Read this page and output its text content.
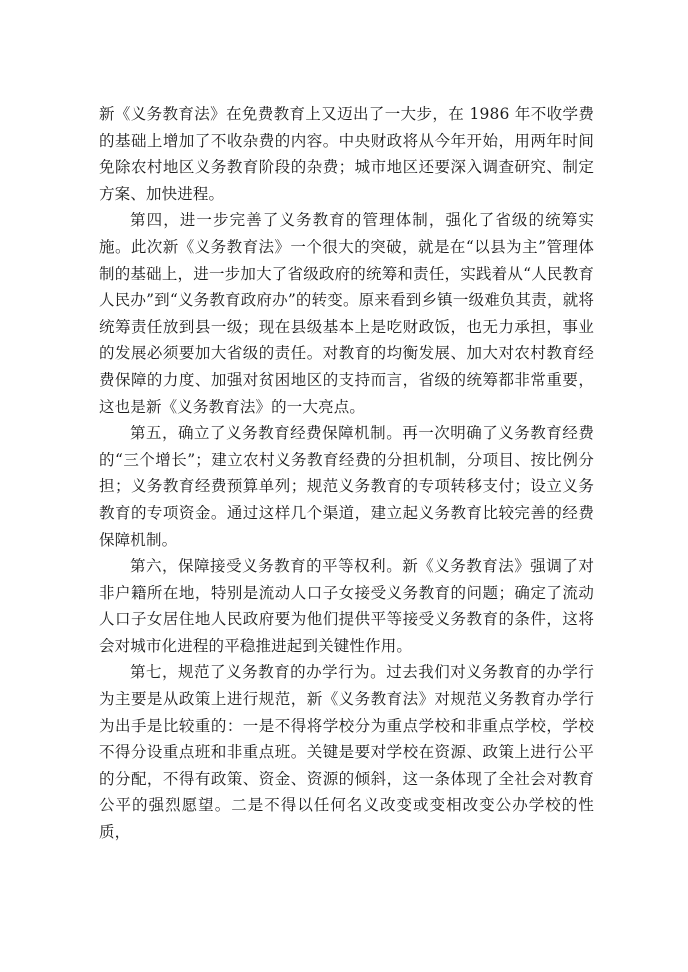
新《义务教育法》在免费教育上又迈出了一大步，在 1986 年不收学费的基础上增加了不收杂费的内容。中央财政将从今年开始，用两年时间免除农村地区义务教育阶段的杂费；城市地区还要深入调查研究、制定方案、加快进程。

第四，进一步完善了义务教育的管理体制，强化了省级的统筹实施。此次新《义务教育法》一个很大的突破，就是在“以县为主”管理体制的基础上，进一步加大了省级政府的统筹和责任，实践着从“人民教育人民办”到“义务教育政府办”的转变。原来看到乡镇一级难负其责，就将统筹责任放到县一级；现在县级基本上是吃财政饭，也无力承担，事业的发展必须要加大省级的责任。对教育的均衡发展、加大对农村教育经费保障的力度、加强对贫困地区的支持而言，省级的统筹都非常重要，这也是新《义务教育法》的一大亮点。

第五，确立了义务教育经费保障机制。再一次明确了义务教育经费的“三个增长”；建立农村义务教育经费的分担机制，分项目、按比例分担；义务教育经费预算单列；规范义务教育的专项转移支付；设立义务教育的专项资金。通过这样几个渠道，建立起义务教育比较完善的经费保障机制。

第六，保障接受义务教育的平等权利。新《义务教育法》强调了对非户籍所在地，特别是流动人口子女接受义务教育的问题；确定了流动人口子女居住地人民政府要为他们提供平等接受义务教育的条件，这将会对城市化进程的平稳推进起到关键性作用。

第七，规范了义务教育的办学行为。过去我们对义务教育的办学行为主要是从政策上进行规范，新《义务教育法》对规范义务教育办学行为出手是比较重的：一是不得将学校分为重点学校和非重点学校，学校不得分设重点班和非重点班。关键是要对学校在资源、政策上进行公平的分配，不得有政策、资金、资源的倾斜，这一条体现了全社会对教育公平的强烈愿望。二是不得以任何名义改变或变相改变公办学校的性质，
